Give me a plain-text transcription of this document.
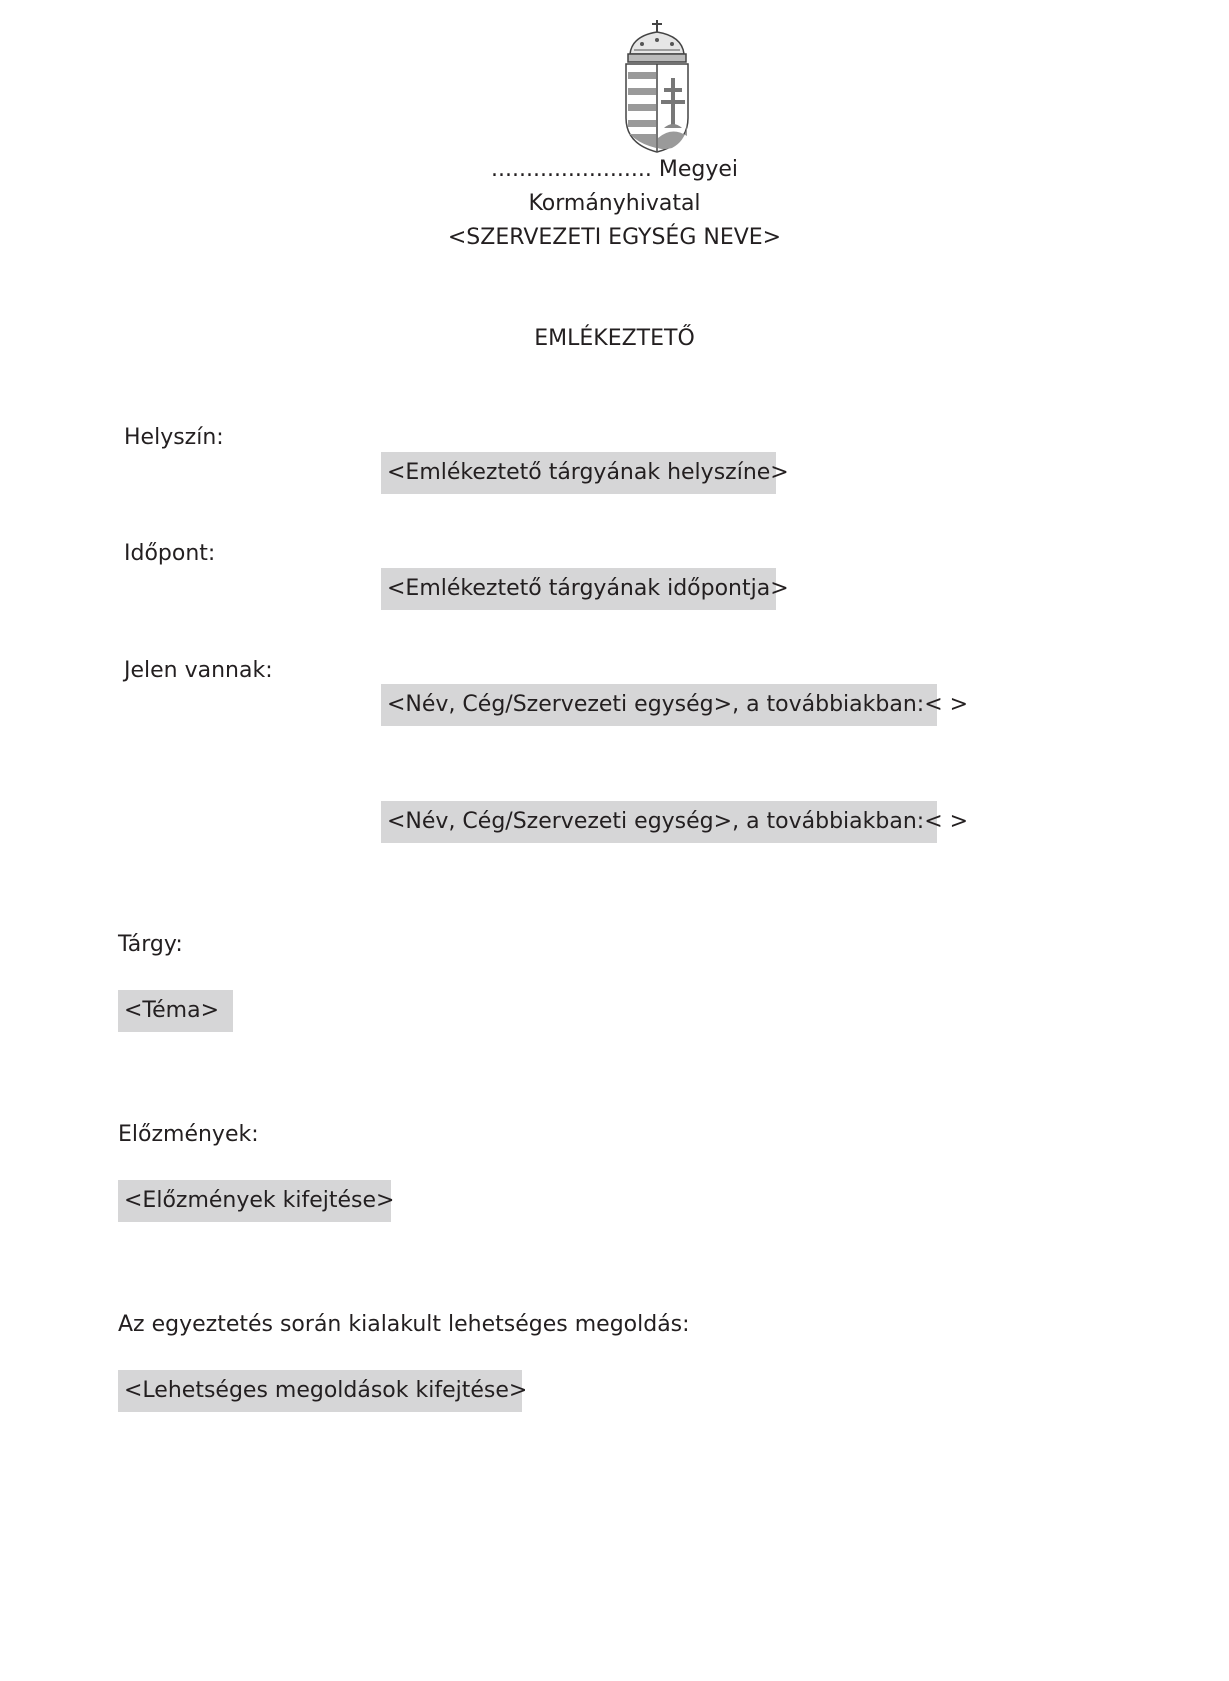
....................... Megyei
Kormányhivatal
<SZERVEZETI EGYSÉG NEVE>
EMLÉKEZTETŐ
Helyszín:
<Emlékeztető tárgyának helyszíne>
Időpont:
<Emlékeztető tárgyának időpontja>
Jelen vannak:
<Név, Cég/Szervezeti egység>, a továbbiakban:< >
<Név, Cég/Szervezeti egység>, a továbbiakban:< >
Tárgy:
<Téma>
Előzmények:
<Előzmények kifejtése>
Az egyeztetés során kialakult lehetséges megoldás:
<Lehetséges megoldások kifejtése>
